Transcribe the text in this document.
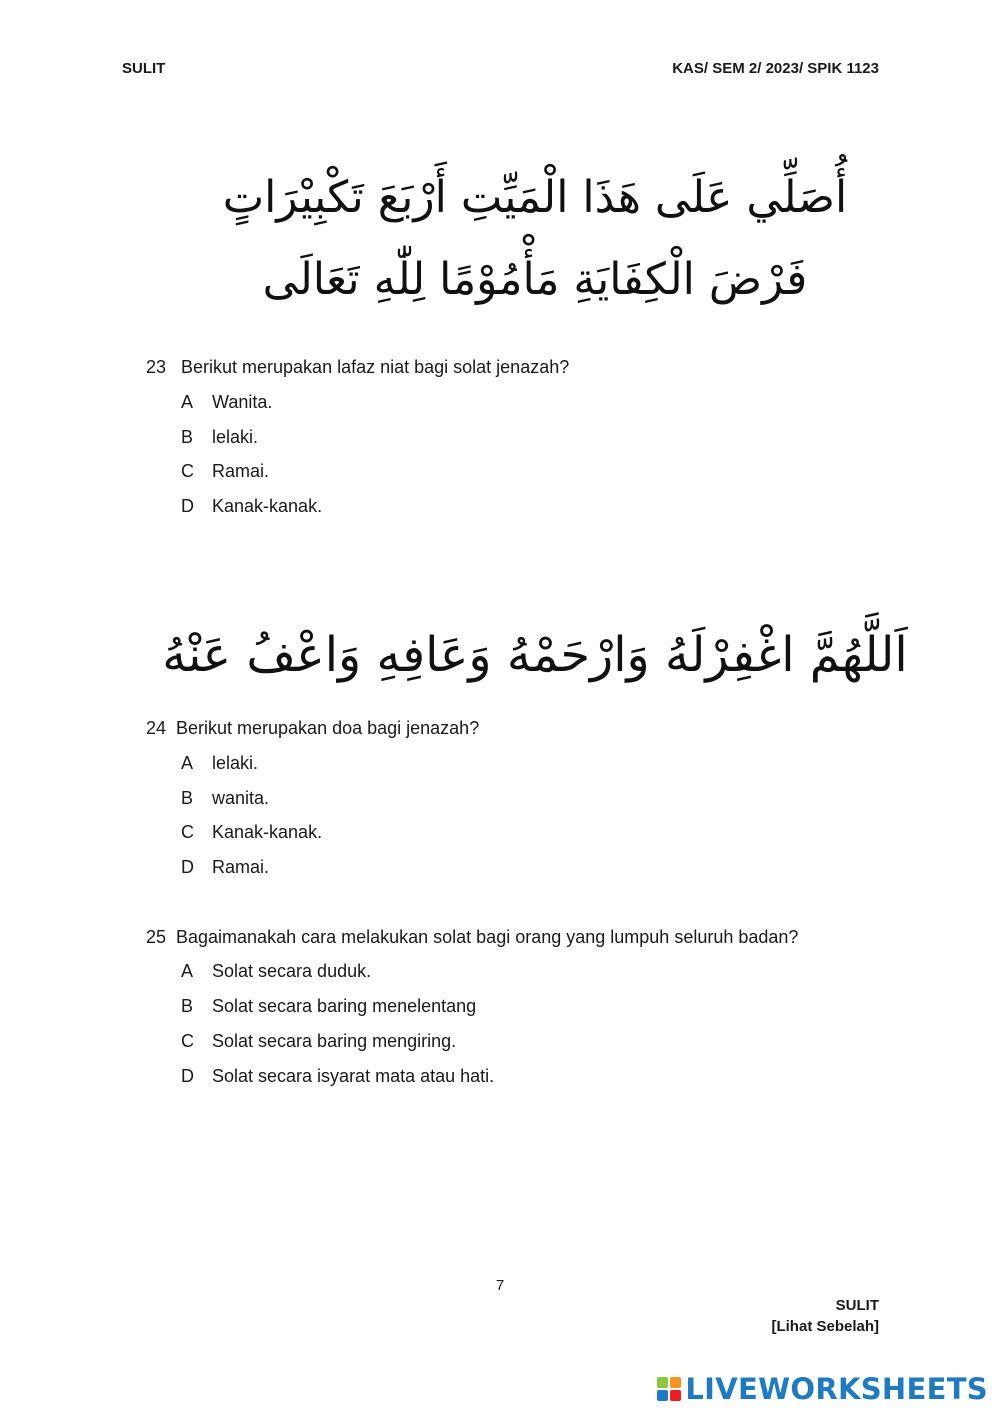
SULIT	KAS/ SEM 2/ 2023/ SPIK 1123
أُصَلِّي عَلَى هَذَا الْمَيِّتِ أَرْبَعَ تَكْبِيْرَاتٍ
فَرْضَ الْكِفَايَةِ مَأْمُوْمًا لِلّٰهِ تَعَالَى
23 Berikut merupakan lafaz niat bagi solat jenazah?
A Wanita.
B lelaki.
C Ramai.
D Kanak-kanak.
اَللَّهُمَّ اغْفِرْلَهُ وَارْحَمْهُ وَعَافِهِ وَاعْفُ عَنْهُ
24 Berikut merupakan doa bagi jenazah?
A lelaki.
B wanita.
C Kanak-kanak.
D Ramai.
25 Bagaimanakah cara melakukan solat bagi orang yang lumpuh seluruh badan?
A Solat secara duduk.
B Solat secara baring menelentang
C Solat secara baring mengiring.
D Solat secara isyarat mata atau hati.
7
SULIT
[Lihat Sebelah]
LIVEWORKSHEETS
